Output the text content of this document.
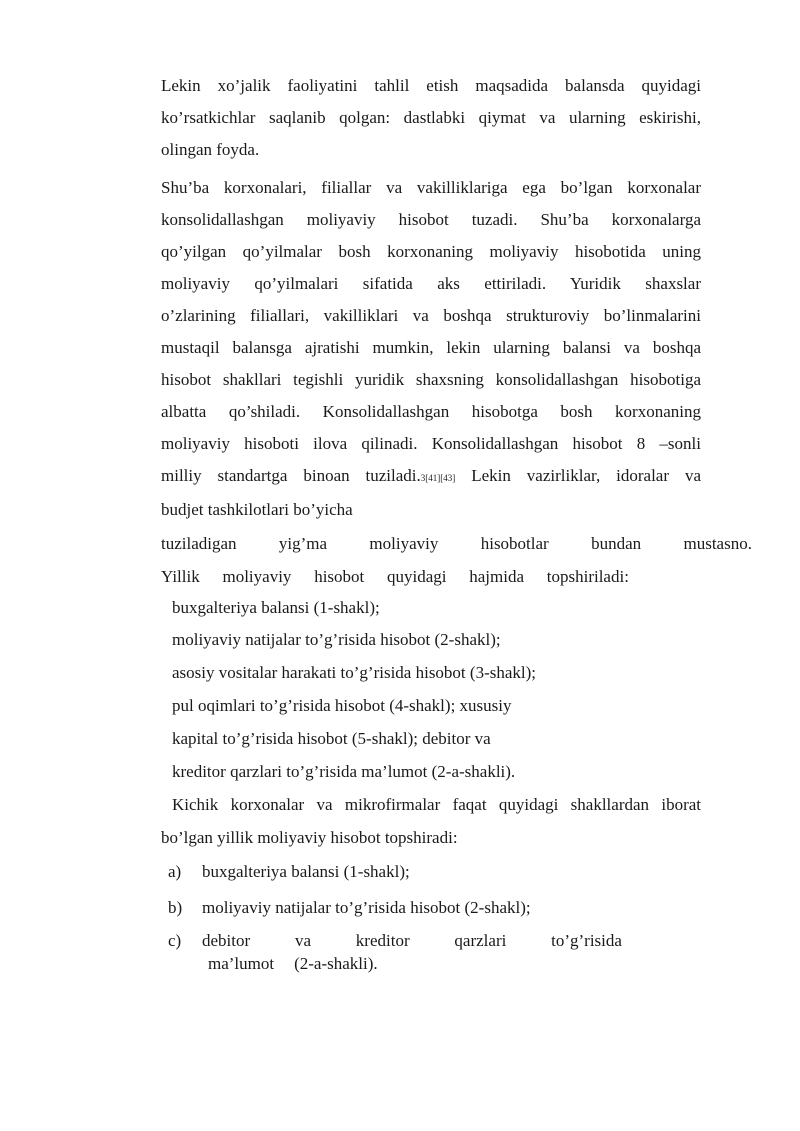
Lekin xo’jalik faoliyatini tahlil etish maqsadida balansda quyidagi
ko’rsatkichlar saqlanib qolgan: dastlabki qiymat va ularning eskirishi,
olingan foyda.
Shu’ba korxonalari, filiallar va vakilliklariga ega bo’lgan korxonalar
konsolidallashgan moliyaviy hisobot tuzadi. Shu’ba korxonalarga
qo’yilgan qo’yilmalar bosh korxonaning moliyaviy hisobotida uning
moliyaviy qo’yilmalari sifatida aks ettiriladi. Yuridik shaxslar
o’zlarining filiallari, vakilliklari va boshqa strukturoviy bo’linmalarini
mustaqil balansga ajratishi mumkin, lekin ularning balansi va boshqa
hisobot shakllari tegishli yuridik shaxsning konsolidallashgan hisobotiga
albatta qo’shiladi. Konsolidallashgan hisobotga bosh korxonaning
moliyaviy hisoboti ilova qilinadi. Konsolidallashgan hisobot 8 –sonli
milliy standartga binoan tuziladi.3[41][43] Lekin vazirliklar, idoralar va
budjet tashkilotlari bo’yicha
tuziladigan yig’ma moliyaviy hisobotlar bundan mustasno.
Yillik moliyaviy hisobot quyidagi hajmida topshiriladi:
buxgalteriya balansi (1-shakl);
moliyaviy natijalar to’g’risida hisobot (2-shakl);
asosiy vositalar harakati to’g’risida hisobot (3-shakl);
pul oqimlari to’g’risida hisobot (4-shakl); xususiy
kapital to’g’risida hisobot (5-shakl); debitor va
kreditor qarzlari to’g’risida ma’lumot (2-a-shakli).
Kichik korxonalar va mikrofirmalar faqat quyidagi shakllardan iborat
bo’lgan yillik moliyaviy hisobot topshiradi:
a) buxgalteriya balansi (1-shakl);
b) moliyaviy natijalar to’g’risida hisobot (2-shakl);
c) debitor	va	kreditor	qarzlari	to’g’risida
ma’lumot (2-a-shakli).
